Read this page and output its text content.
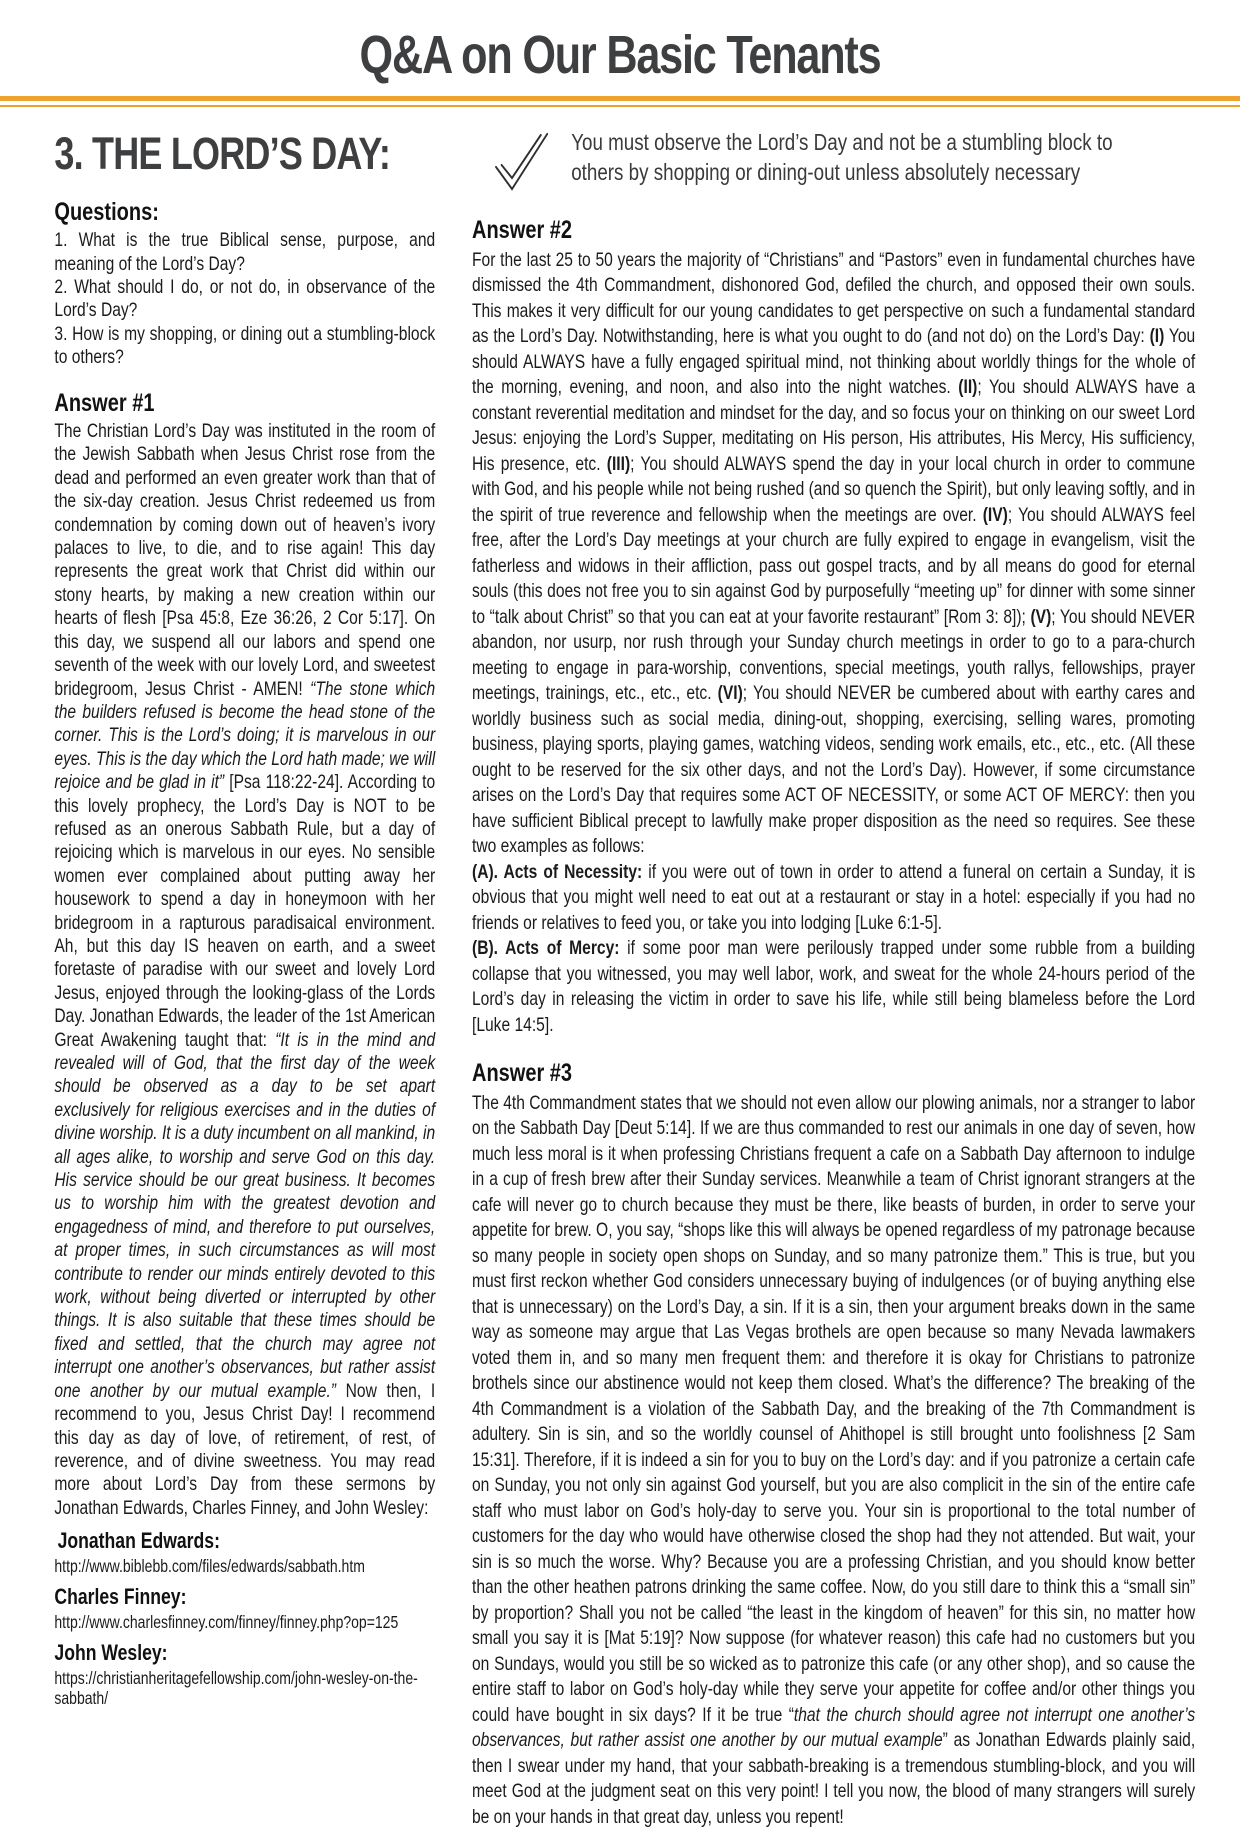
Q&A on Our Basic Tenants
3. THE LORD’S DAY:
Questions:

1. What is the true Biblical sense, purpose, and meaning of the Lord’s Day?

2. What should I do, or not do, in observance of the Lord’s Day?

3. How is my shopping, or dining out a stumbling-block to others?

Answer #1

The Christian Lord’s Day was instituted in the room of the Jewish Sabbath when Jesus Christ rose from the dead and performed an even greater work than that of the six-day creation. Jesus Christ redeemed us from condemnation by coming down out of heaven’s ivory palaces to live, to die, and to rise again! This day represents the great work that Christ did within our stony hearts, by making a new creation within our hearts of flesh [Psa 45:8, Eze 36:26, 2 Cor 5:17]. On this day, we suspend all our labors and spend one seventh of the week with our lovely Lord, and sweetest bridegroom, Jesus Christ - AMEN! “The stone which the builders refused is become the head stone of the corner. This is the Lord’s doing; it is marvelous in our eyes. This is the day which the Lord hath made; we will rejoice and be glad in it” [Psa 118:22-24]. According to this lovely prophecy, the Lord’s Day is NOT to be refused as an onerous Sabbath Rule, but a day of rejoicing which is marvelous in our eyes. No sensible women ever complained about putting away her housework to spend a day in honeymoon with her bridegroom in a rapturous paradisaical environment. Ah, but this day IS heaven on earth, and a sweet foretaste of paradise with our sweet and lovely Lord Jesus, enjoyed through the looking-glass of the Lords Day. Jonathan Edwards, the leader of the 1st American Great Awakening taught that: “It is in the mind and revealed will of God, that the first day of the week should be observed as a day to be set apart exclusively for religious exercises and in the duties of divine worship. It is a duty incumbent on all mankind, in all ages alike, to worship and serve God on this day. His service should be our great business. It becomes us to worship him with the greatest devotion and engagedness of mind, and therefore to put ourselves, at proper times, in such circumstances as will most contribute to render our minds entirely devoted to this work, without being diverted or interrupted by other things. It is also suitable that these times should be fixed and settled, that the church may agree not interrupt one another’s observances, but rather assist one another by our mutual example.” Now then, I recommend to you, Jesus Christ Day! I recommend this day as day of love, of retirement, of rest, of reverence, and of divine sweetness. You may read more about Lord’s Day from these sermons by Jonathan Edwards, Charles Finney, and John Wesley:

Jonathan Edwards:

http://www.biblebb.com/files/edwards/sabbath.htm

Charles Finney:

http://www.charlesfinney.com/finney/finney.php?op=125

John Wesley:

https://christianheritagefellowship.com/john-wesley-on-the-sabbath/

You must observe the Lord’s Day and not be a stumbling block to others by shopping or dining-out unless absolutely necessary
Answer #2

For the last 25 to 50 years the majority of “Christians” and “Pastors” even in fundamental churches have dismissed the 4th Commandment, dishonored God, defiled the church, and opposed their own souls. This makes it very difficult for our young candidates to get perspective on such a fundamental standard as the Lord’s Day. Notwithstanding, here is what you ought to do (and not do) on the Lord’s Day: (I) You should ALWAYS have a fully engaged spiritual mind, not thinking about worldly things for the whole of the morning, evening, and noon, and also into the night watches. (II); You should ALWAYS have a constant reverential meditation and mindset for the day, and so focus your on thinking on our sweet Lord Jesus: enjoying the Lord’s Supper, meditating on His person, His attributes, His Mercy, His sufficiency, His presence, etc. (III); You should ALWAYS spend the day in your local church in order to commune with God, and his people while not being rushed (and so quench the Spirit), but only leaving softly, and in the spirit of true reverence and fellowship when the meetings are over. (IV); You should ALWAYS feel free, after the Lord’s Day meetings at your church are fully expired to engage in evangelism, visit the fatherless and widows in their affliction, pass out gospel tracts, and by all means do good for eternal souls (this does not free you to sin against God by purposefully “meeting up” for dinner with some sinner to “talk about Christ” so that you can eat at your favorite restaurant” [Rom 3: 8]); (V); You should NEVER abandon, nor usurp, nor rush through your Sunday church meetings in order to go to a para-church meeting to engage in para-worship, conventions, special meetings, youth rallys, fellowships, prayer meetings, trainings, etc., etc., etc. (VI); You should NEVER be cumbered about with earthy cares and worldly business such as social media, dining-out, shopping, exercising, selling wares, promoting business, playing sports, playing games, watching videos, sending work emails, etc., etc., etc. (All these ought to be reserved for the six other days, and not the Lord’s Day). However, if some circumstance arises on the Lord’s Day that requires some ACT OF NECESSITY, or some ACT OF MERCY: then you have sufficient Biblical precept to lawfully make proper disposition as the need so requires. See these two examples as follows:

(A). Acts of Necessity: if you were out of town in order to attend a funeral on certain a Sunday, it is obvious that you might well need to eat out at a restaurant or stay in a hotel: especially if you had no friends or relatives to feed you, or take you into lodging [Luke 6:1-5].

(B). Acts of Mercy: if some poor man were perilously trapped under some rubble from a building collapse that you witnessed, you may well labor, work, and sweat for the whole 24-hours period of the Lord’s day in releasing the victim in order to save his life, while still being blameless before the Lord [Luke 14:5].

Answer #3

The 4th Commandment states that we should not even allow our plowing animals, nor a stranger to labor on the Sabbath Day [Deut 5:14]. If we are thus commanded to rest our animals in one day of seven, how much less moral is it when professing Christians frequent a cafe on a Sabbath Day afternoon to indulge in a cup of fresh brew after their Sunday services. Meanwhile a team of Christ ignorant strangers at the cafe will never go to church because they must be there, like beasts of burden, in order to serve your appetite for brew. O, you say, “shops like this will always be opened regardless of my patronage because so many people in society open shops on Sunday, and so many patronize them.” This is true, but you must first reckon whether God considers unnecessary buying of indulgences (or of buying anything else that is unnecessary) on the Lord’s Day, a sin. If it is a sin, then your argument breaks down in the same way as someone may argue that Las Vegas brothels are open because so many Nevada lawmakers voted them in, and so many men frequent them: and therefore it is okay for Christians to patronize brothels since our abstinence would not keep them closed. What’s the difference? The breaking of the 4th Commandment is a violation of the Sabbath Day, and the breaking of the 7th Commandment is adultery. Sin is sin, and so the worldly counsel of Ahithopel is still brought unto foolishness [2 Sam 15:31]. Therefore, if it is indeed a sin for you to buy on the Lord’s day: and if you patronize a certain cafe on Sunday, you not only sin against God yourself, but you are also complicit in the sin of the entire cafe staff who must labor on God’s holy-day to serve you. Your sin is proportional to the total number of customers for the day who would have otherwise closed the shop had they not attended. But wait, your sin is so much the worse. Why? Because you are a professing Christian, and you should know better than the other heathen patrons drinking the same coffee. Now, do you still dare to think this a “small sin” by proportion? Shall you not be called “the least in the kingdom of heaven” for this sin, no matter how small you say it is [Mat 5:19]? Now suppose (for whatever reason) this cafe had no customers but you on Sundays, would you still be so wicked as to patronize this cafe (or any other shop), and so cause the entire staff to labor on God’s holy-day while they serve your appetite for coffee and/or other things you could have bought in six days? If it be true “that the church should agree not interrupt one another’s observances, but rather assist one another by our mutual example” as Jonathan Edwards plainly said, then I swear under my hand, that your sabbath-breaking is a tremendous stumbling-block, and you will meet God at the judgment seat on this very point! I tell you now, the blood of many strangers will surely be on your hands in that great day, unless you repent!
